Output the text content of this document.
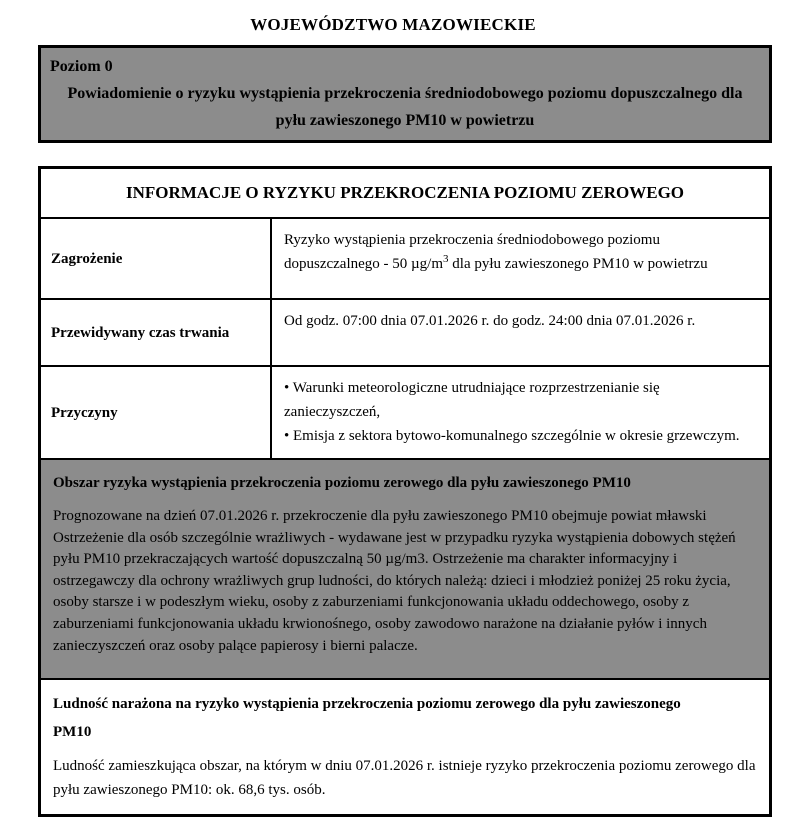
WOJEWÓDZTWO MAZOWIECKIE
Poziom 0
Powiadomienie o ryzyku wystąpienia przekroczenia średniodobowego poziomu dopuszczalnego dla pyłu zawieszonego PM10 w powietrzu
INFORMACJE O RYZYKU PRZEKROCZENIA POZIOMU ZEROWEGO
Zagrożenie
Ryzyko wystąpienia przekroczenia średniodobowego poziomu dopuszczalnego - 50 $\mu g/m^3$ dla pyłu zawieszonego PM10 w powietrzu
Przewidywany czas trwania
Od godz. 07:00 dnia 07.01.2026 r. do godz. 24:00 dnia 07.01.2026 r.
Przyczyny
• Warunki meteorologiczne utrudniające rozprzestrzenianie się zanieczyszczeń,
• Emisja z sektora bytowo-komunalnego szczególnie w okresie grzewczym.
Obszar ryzyka wystąpienia przekroczenia poziomu zerowego dla pyłu zawieszonego PM10
Prognozowane na dzień 07.01.2026 r. przekroczenie dla pyłu zawieszonego PM10 obejmuje powiat mławski Ostrzeżenie dla osób szczególnie wrażliwych - wydawane jest w przypadku ryzyka wystąpienia dobowych stężeń pyłu PM10 przekraczających wartość dopuszczalną 50 µg/m3. Ostrzeżenie ma charakter informacyjny i ostrzegawczy dla ochrony wrażliwych grup ludności, do których należą: dzieci i młodzież poniżej 25 roku życia, osoby starsze i w podeszłym wieku, osoby z zaburzeniami funkcjonowania układu oddechowego, osoby z zaburzeniami funkcjonowania układu krwionośnego, osoby zawodowo narażone na działanie pyłów i innych zanieczyszczeń oraz osoby palące papierosy i bierni palacze.
Ludność narażona na ryzyko wystąpienia przekroczenia poziomu zerowego dla pyłu zawieszonego PM10
Ludność zamieszkująca obszar, na którym w dniu 07.01.2026 r. istnieje ryzyko przekroczenia poziomu zerowego dla pyłu zawieszonego PM10: ok. 68,6 tys. osób.
